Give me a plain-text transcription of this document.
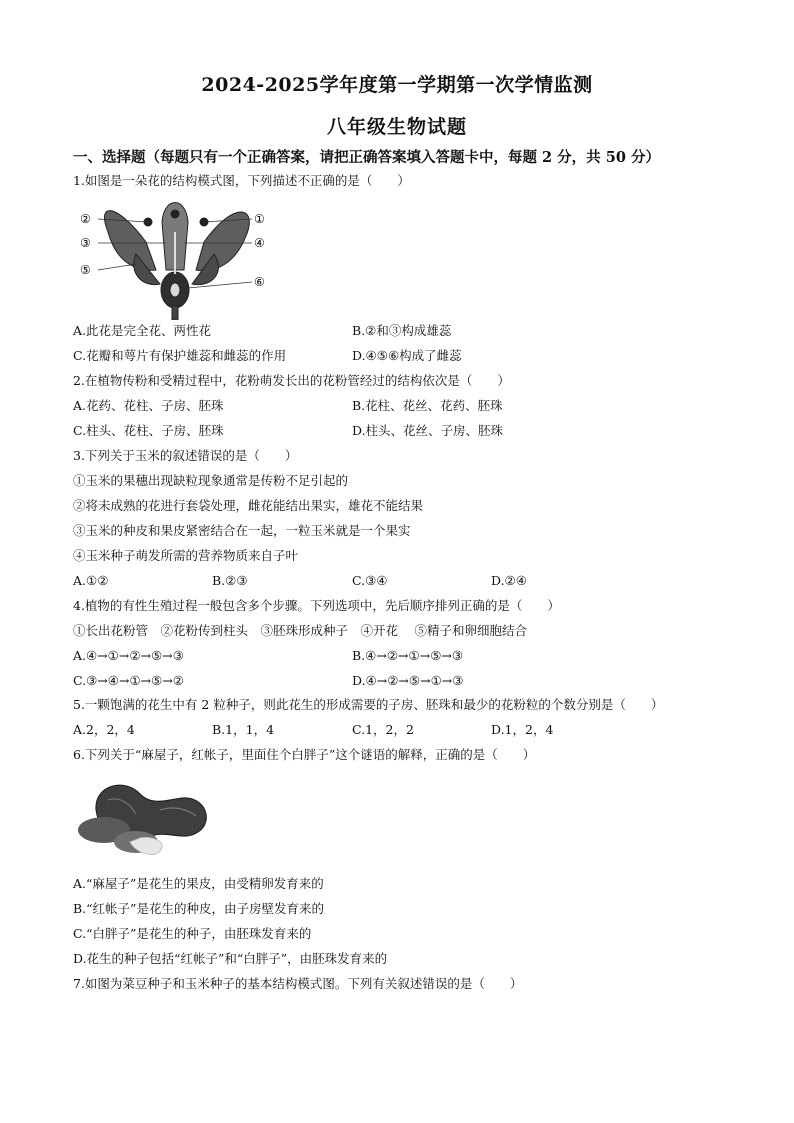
2024-2025学年度第一学期第一次学情监测
八年级生物试题
一、选择题（每题只有一个正确答案，请把正确答案填入答题卡中，每题 2 分，共 50 分）
1.如图是一朵花的结构模式图，下列描述不正确的是（　　）
②
③
⑤
①
④
⑥
A.此花是完全花、两性花	B.②和③构成雄蕊
C.花瓣和萼片有保护雄蕊和雌蕊的作用	D.④⑤⑥构成了雌蕊
2.在植物传粉和受精过程中，花粉萌发长出的花粉管经过的结构依次是（　　）
A.花药、花柱、子房、胚珠	B.花柱、花丝、花药、胚珠
C.柱头、花柱、子房、胚珠	D.柱头、花丝、子房、胚珠
3.下列关于玉米的叙述错误的是（　　）
①玉米的果穗出现缺粒现象通常是传粉不足引起的
②将未成熟的花进行套袋处理，雌花能结出果实，雄花不能结果
③玉米的种皮和果皮紧密结合在一起，一粒玉米就是一个果实
④玉米种子萌发所需的营养物质来自子叶
A.①②	B.②③	C.③④	D.②④
4.植物的有性生殖过程一般包含多个步骤。下列选项中，先后顺序排列正确的是（　　）
①长出花粉管　②花粉传到柱头　③胚珠形成种子　④开花　 ⑤精子和卵细胞结合
A.④→①→②→⑤→③	B.④→②→①→⑤→③
C.③→④→①→⑤→②	D.④→②→⑤→①→③
5.一颗饱满的花生中有 2 粒种子，则此花生的形成需要的子房、胚珠和最少的花粉粒的个数分别是（　　）
A.2，2，4	B.1，1，4	C.1，2，2	D.1，2，4
6.下列关于“麻屋子，红帐子，里面住个白胖子”这个谜语的解释，正确的是（　　）
A.“麻屋子”是花生的果皮，由受精卵发育来的
B.“红帐子”是花生的种皮，由子房壁发育来的
C.“白胖子”是花生的种子，由胚珠发育来的
D.花生的种子包括“红帐子”和“白胖子”，由胚珠发育来的
7.如图为菜豆种子和玉米种子的基本结构模式图。下列有关叙述错误的是（　　）
